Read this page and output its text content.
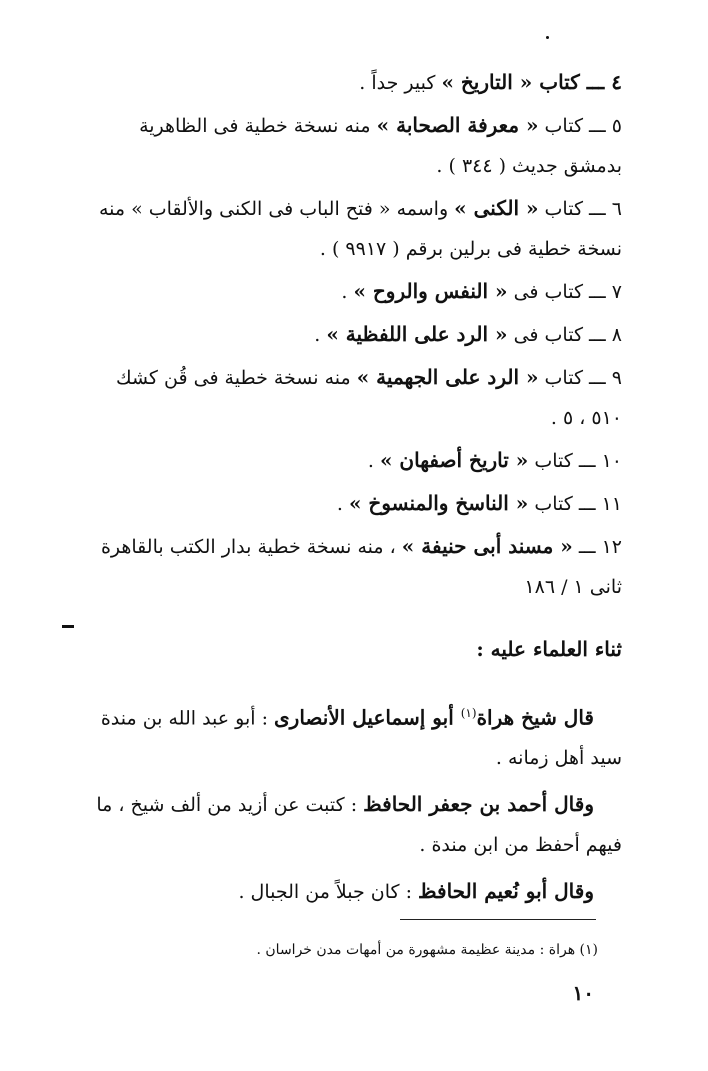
٤ ـــ كتاب « التاريخ » كبير جداً .
٥ ـــ كتاب « معرفة الصحابة » منه نسخة خطية فى الظاهرية
بدمشق جديث ( ٣٤٤ ) .
٦ ـــ كتاب « الكنى » واسمه « فتح الباب فى الكنى والألقاب » منه
نسخة خطية فى برلين برقم ( ٩٩١٧ ) .
٧ ـــ كتاب فى « النفس والروح » .
٨ ـــ كتاب فى « الرد على اللفظية » .
٩ ـــ كتاب « الرد على الجهمية » منه نسخة خطية فى قُن كشك
٥١٠ ، ٥ .
١٠ ـــ كتاب « تاريخ أصفهان » .
١١ ـــ كتاب « الناسخ والمنسوخ » .
١٢ ـــ « مسند أبى حنيفة » ، منه نسخة خطية بدار الكتب بالقاهرة
ثانى ١ / ١٨٦
ثناء العلماء عليه :
قال شيخ هراة$^{(١)}$ أبو إسماعيل الأنصارى : أبو عبد الله بن مندة
سيد أهل زمانه .
وقال أحمد بن جعفر الحافظ : كتبت عن أزيد من ألف شيخ ، ما
فيهم أحفظ من ابن مندة .
وقال أبو نُعيم الحافظ : كان جبلاً من الجبال .
(١) هراة : مدينة عظيمة مشهورة من أمهات مدن خراسان .
١٠
